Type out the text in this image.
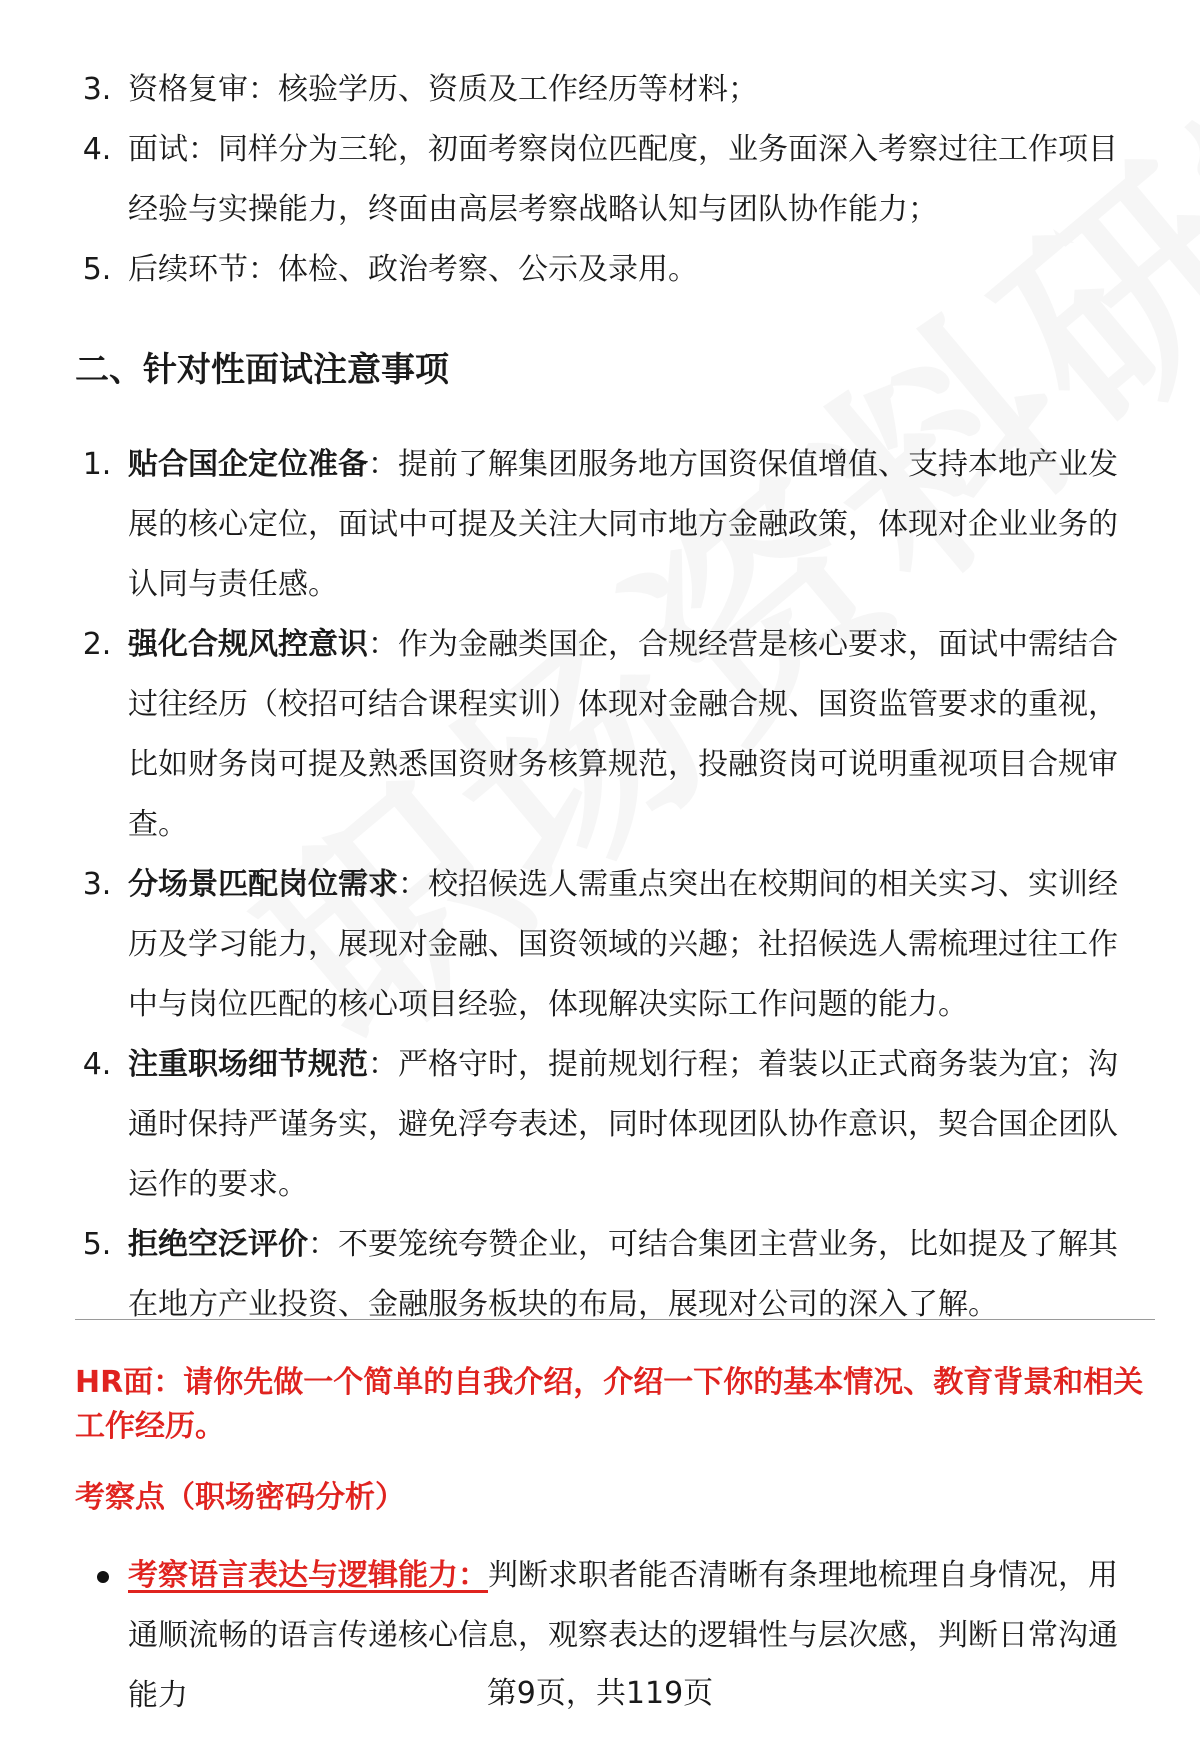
3. 资格复审：核验学历、资质及工作经历等材料；
4. 面试：同样分为三轮，初面考察岗位匹配度，业务面深入考察过往工作项目经验与实操能力，终面由高层考察战略认知与团队协作能力；
5. 后续环节：体检、政治考察、公示及录用。
二、针对性面试注意事项
1. 贴合国企定位准备：提前了解集团服务地方国资保值增值、支持本地产业发展的核心定位，面试中可提及关注大同市地方金融政策，体现对企业业务的认同与责任感。
2. 强化合规风控意识：作为金融类国企，合规经营是核心要求，面试中需结合过往经历（校招可结合课程实训）体现对金融合规、国资监管要求的重视，比如财务岗可提及熟悉国资财务核算规范，投融资岗可说明重视项目合规审查。
3. 分场景匹配岗位需求：校招候选人需重点突出在校期间的相关实习、实训经历及学习能力，展现对金融、国资领域的兴趣；社招候选人需梳理过往工作中与岗位匹配的核心项目经验，体现解决实际工作问题的能力。
4. 注重职场细节规范：严格守时，提前规划行程；着装以正式商务装为宜；沟通时保持严谨务实，避免浮夸表述，同时体现团队协作意识，契合国企团队运作的要求。
5. 拒绝空泛评价：不要笼统夸赞企业，可结合集团主营业务，比如提及了解其在地方产业投资、金融服务板块的布局，展现对公司的深入了解。
HR面：请你先做一个简单的自我介绍，介绍一下你的基本情况、教育背景和相关工作经历。
考察点（职场密码分析）
考察语言表达与逻辑能力：判断求职者能否清晰有条理地梳理自身情况，用通顺流畅的语言传递核心信息，观察表达的逻辑性与层次感，判断日常沟通能力	第9页，共119页
